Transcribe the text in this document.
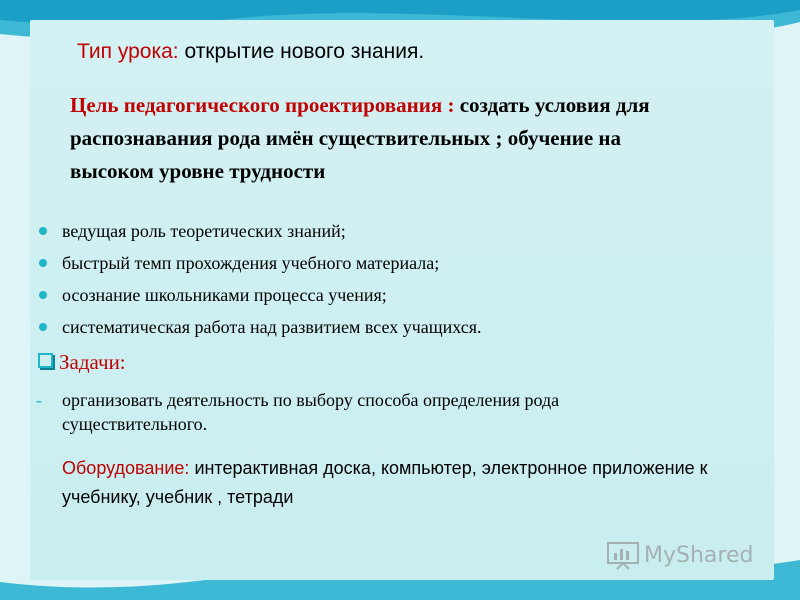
Тип урока: открытие нового знания.
Цель педагогического проектирования : создать условия для распознавания рода имён существительных ; обучение на высоком уровне трудности
ведущая роль теоретических знаний;
быстрый темп прохождения учебного материала;
осознание школьниками процесса учения;
систематическая работа над развитием всех учащихся.
Задачи:
-	организовать деятельность по выбору способа определения рода существительного.
Оборудование: интерактивная доска, компьютер, электронное приложение к учебнику, учебник , тетради
MyShared
